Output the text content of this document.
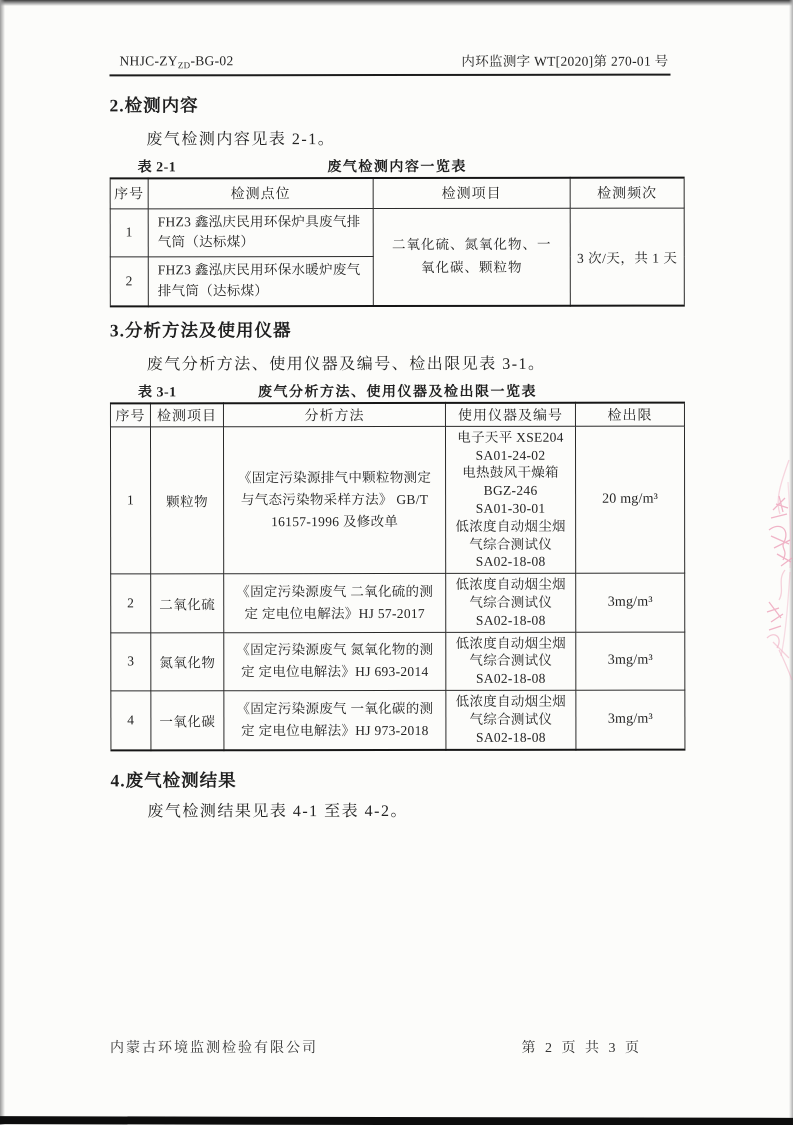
NHJC-$ZY_{ZD}-BG-02$	内环监测字 WT[2020]第 270-01 号
2.检测内容

废气检测内容见表 2-1。

表 2-1	废气检测内容一览表
序号	检测点位	检测项目	检测频次
1	FHZ3 鑫泓庆民用环保炉具废气排气筒（达标煤）	二氧化硫、氮氧化物、一氧化碳、颗粒物	3 次/天，共 1 天
2	FHZ3 鑫泓庆民用环保水暖炉废气排气筒（达标煤）		
3.分析方法及使用仪器

废气分析方法、使用仪器及编号、检出限见表 3-1。

表 3-1	废气分析方法、使用仪器及检出限一览表
序号	检测项目	分析方法	使用仪器及编号	检出限
1	颗粒物	《固定污染源排气中颗粒物测定
与气态污染物采样方法》 GB/T
16157-1996 及修改单	电子天平 XSE204
SA01-24-02
电热鼓风干燥箱
BGZ-246
SA01-30-01
低浓度自动烟尘烟
气综合测试仪
SA02-18-08	20 mg/m³
2	二氧化硫	《固定污染源废气 二氧化硫的测
定 定电位电解法》HJ 57-2017	低浓度自动烟尘烟
气综合测试仪
SA02-18-08	3mg/m³
3	氮氧化物	《固定污染源废气 氮氧化物的测
定 定电位电解法》HJ 693-2014	低浓度自动烟尘烟
气综合测试仪
SA02-18-08	3mg/m³
4	一氧化碳	《固定污染源废气 一氧化碳的测
定 定电位电解法》HJ 973-2018	低浓度自动烟尘烟
气综合测试仪
SA02-18-08	3mg/m³
4.废气检测结果

废气检测结果见表 4-1 至表 4-2。

内蒙古环境监测检验有限公司	第 2 页 共 3 页
